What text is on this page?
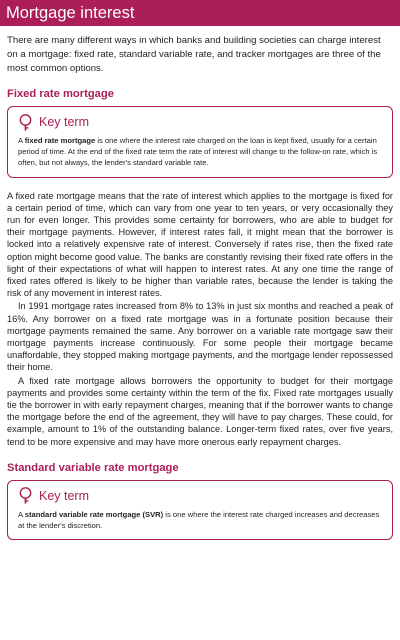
Mortgage interest
There are many different ways in which banks and building societies can charge interest on a mortgage: fixed rate, standard variable rate, and tracker mortgages are three of the most common options.
Fixed rate mortgage
Key term
A fixed rate mortgage is one where the interest rate charged on the loan is kept fixed, usually for a certain period of time. At the end of the fixed rate term the rate of interest will change to the follow-on rate, which is often, but not always, the lender's standard variable rate.

A fixed rate mortgage means that the rate of interest which applies to the mortgage is fixed for a certain period of time, which can vary from one year to ten years, or very occasionally they run for even longer. This provides some certainty for borrowers, who are able to budget for their mortgage payments. However, if interest rates fall, it might mean that the borrower is locked into a relatively expensive rate of interest. Conversely if rates rise, then the fixed rate option might become good value. The banks are constantly revising their fixed rate offers in the light of their expectations of what will happen to interest rates. At any one time the range of fixed rates offered is likely to be higher than variable rates, because the lender is taking the risk of any movement in interest rates.

In 1991 mortgage rates increased from 8% to 13% in just six months and reached a peak of 16%. Any borrower on a fixed rate mortgage was in a fortunate position because their mortgage payments remained the same. Any borrower on a variable rate mortgage saw their mortgage payments increase continuously. For some people their mortgage became unaffordable, they stopped making mortgage payments, and the mortgage lender repossessed their home.

A fixed rate mortgage allows borrowers the opportunity to budget for their mortgage payments and provides some certainty within the term of the fix. Fixed rate mortgages usually tie the borrower in with early repayment charges, meaning that if the borrower wants to change the mortgage before the end of the agreement, they will have to pay charges. These could, for example, amount to 1% of the outstanding balance. Longer-term fixed rates, over five years, tend to be more expensive and may have more onerous early repayment charges.

Standard variable rate mortgage
Key term
A standard variable rate mortgage (SVR) is one where the interest rate charged increases and decreases at the lender's discretion.
